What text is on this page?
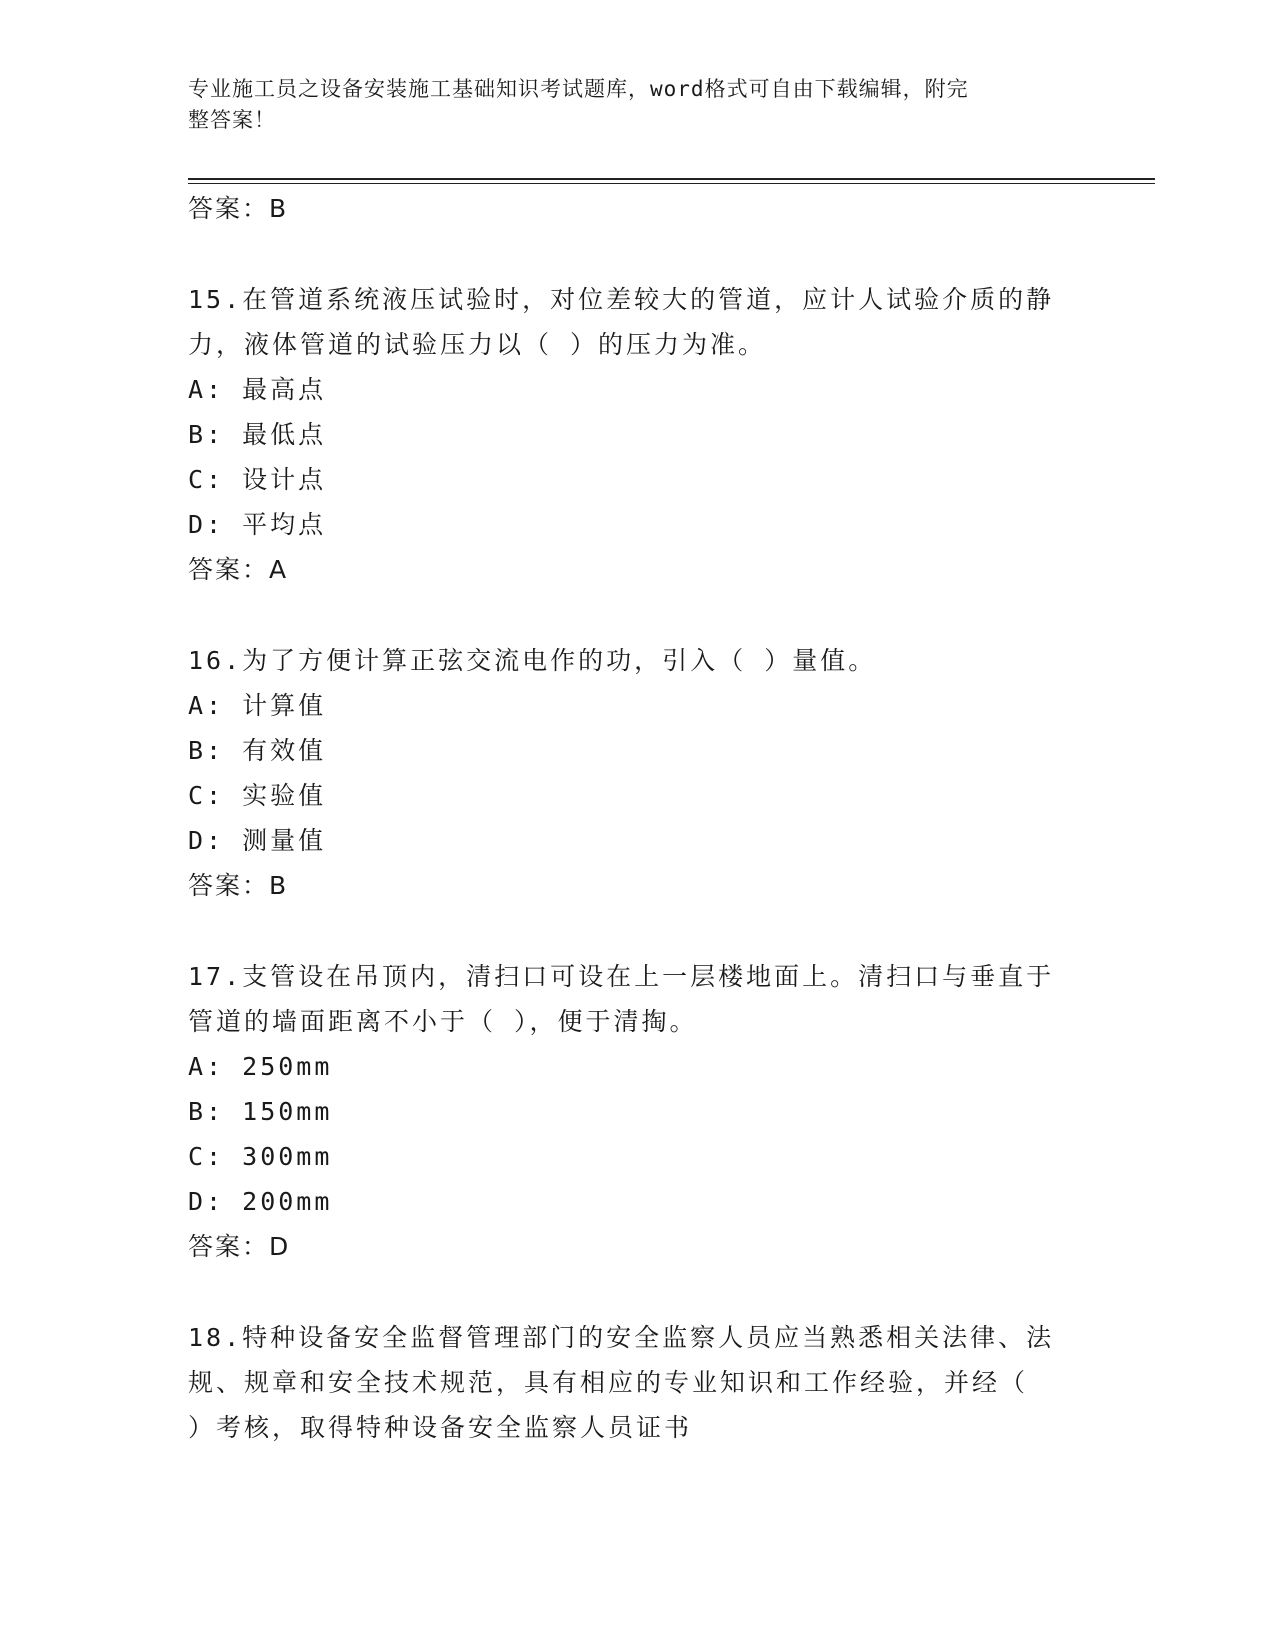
专业施工员之设备安装施工基础知识考试题库，word格式可自由下载编辑，附完
整答案！
答案：B
15.在管道系统液压试验时，对位差较大的管道，应计人试验介质的静
力，液体管道的试验压力以（ ）的压力为准。
A: 最高点
B: 最低点
C: 设计点
D: 平均点
答案：A
16.为了方便计算正弦交流电作的功，引入（ ）量值。
A: 计算值
B: 有效值
C: 实验值
D: 测量值
答案：B
17.支管设在吊顶内，清扫口可设在上一层楼地面上。清扫口与垂直于
管道的墙面距离不小于（ ），便于清掏。
A: 250mm
B: 150mm
C: 300mm
D: 200mm
答案：D
18.特种设备安全监督管理部门的安全监察人员应当熟悉相关法律、法
规、规章和安全技术规范，具有相应的专业知识和工作经验，并经（
）考核，取得特种设备安全监察人员证书
